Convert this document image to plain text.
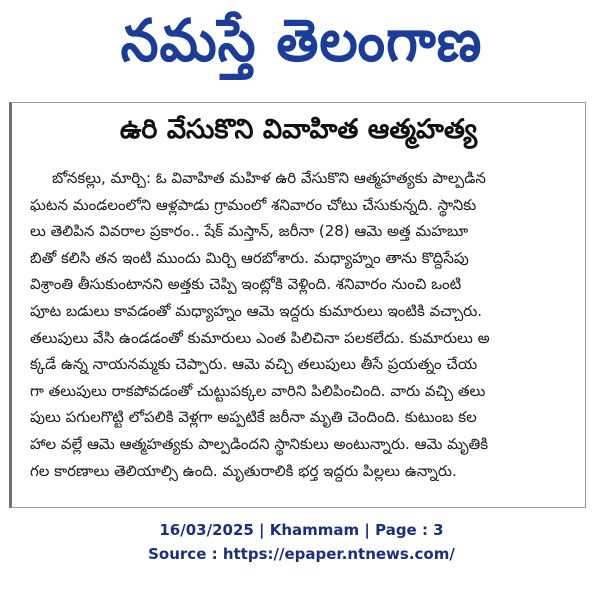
నమస్తే తెలంగాణ
ఉరి వేసుకొని వివాహిత ఆత్మహత్య
బోనకల్లు, మార్చి: ఓ వివాహిత మహిళ ఉరి వేసుకొని ఆత్మహత్యకు పాల్పడిన
ఘటన మండలంలోని ఆళ్లపాడు గ్రామంలో శనివారం చోటు చేసుకున్నది. స్థానికు
లు తెలిపిన వివరాల ప్రకారం.. షేక్ మస్తాన్, జరీనా (28) ఆమె అత్త మహబూ
బితో కలిసి తన ఇంటి ముందు మిర్చి ఆరబోశారు. మధ్యాహ్నం తాను కొద్దిసేపు
విశ్రాంతి తీసుకుంటానని అత్తకు చెప్పి ఇంట్లోకి వెళ్లింది. శనివారం నుంచి ఒంటి
పూట బడులు కావడంతో మధ్యాహ్నం ఆమె ఇద్దరు కుమారులు ఇంటికి వచ్చారు.
తలుపులు వేసి ఉండడంతో కుమారులు ఎంత పిలిచినా పలకలేదు. కుమారులు అ
క్కడే ఉన్న నాయనమ్మకు చెప్పారు. ఆమె వచ్చి తలుపులు తీసే ప్రయత్నం చేయ
గా తలుపులు రాకపోవడంతో చుట్టుపక్కల వారిని పిలిపించింది. వారు వచ్చి తలు
పులు పగులగొట్టి లోపలికి వెళ్లగా అప్పటికే జరీనా మృతి చెందింది. కుటుంబ కల
హాల వల్లే ఆమె ఆత్మహత్యకు పాల్పడిందని స్థానికులు అంటున్నారు. ఆమె మృతికి
గల కారణాలు తెలియాల్సి ఉంది. మృతురాలికి భర్త ఇద్దరు పిల్లలు ఉన్నారు.
16/03/2025 | Khammam | Page : 3
Source : https://epaper.ntnews.com/
